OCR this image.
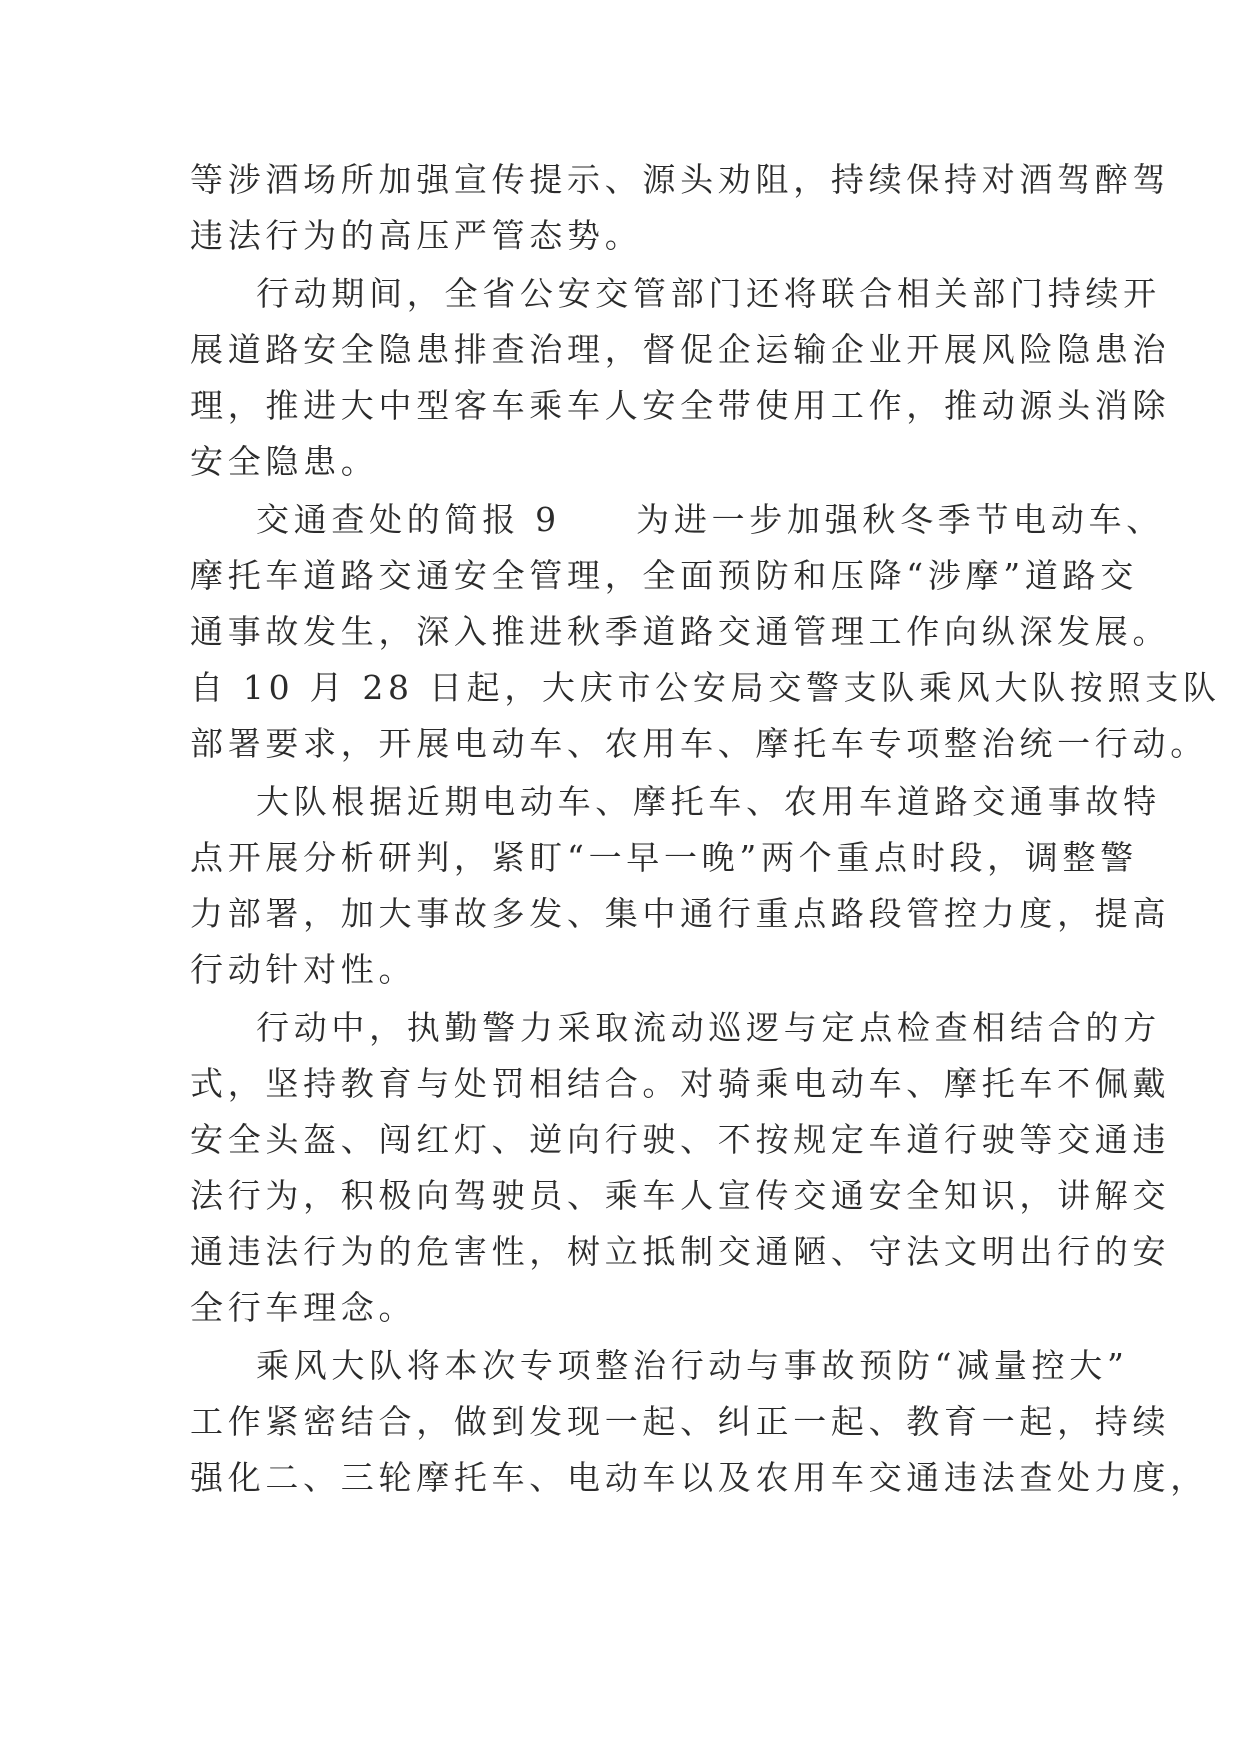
等涉酒场所加强宣传提示、源头劝阻，持续保持对酒驾醉驾
违法行为的高压严管态势。
行动期间，全省公安交管部门还将联合相关部门持续开
展道路安全隐患排查治理，督促企运输企业开展风险隐患治
理，推进大中型客车乘车人安全带使用工作，推动源头消除
安全隐患。
交通查处的简报 9　　为进一步加强秋冬季节电动车、
摩托车道路交通安全管理，全面预防和压降“涉摩”道路交
通事故发生，深入推进秋季道路交通管理工作向纵深发展。
自 10 月 28 日起，大庆市公安局交警支队乘风大队按照支队
部署要求，开展电动车、农用车、摩托车专项整治统一行动。
大队根据近期电动车、摩托车、农用车道路交通事故特
点开展分析研判，紧盯“一早一晚”两个重点时段，调整警
力部署，加大事故多发、集中通行重点路段管控力度，提高
行动针对性。
行动中，执勤警力采取流动巡逻与定点检查相结合的方
式，坚持教育与处罚相结合。对骑乘电动车、摩托车不佩戴
安全头盔、闯红灯、逆向行驶、不按规定车道行驶等交通违
法行为，积极向驾驶员、乘车人宣传交通安全知识，讲解交
通违法行为的危害性，树立抵制交通陋、守法文明出行的安
全行车理念。
乘风大队将本次专项整治行动与事故预防“减量控大”
工作紧密结合，做到发现一起、纠正一起、教育一起，持续
强化二、三轮摩托车、电动车以及农用车交通违法查处力度，
